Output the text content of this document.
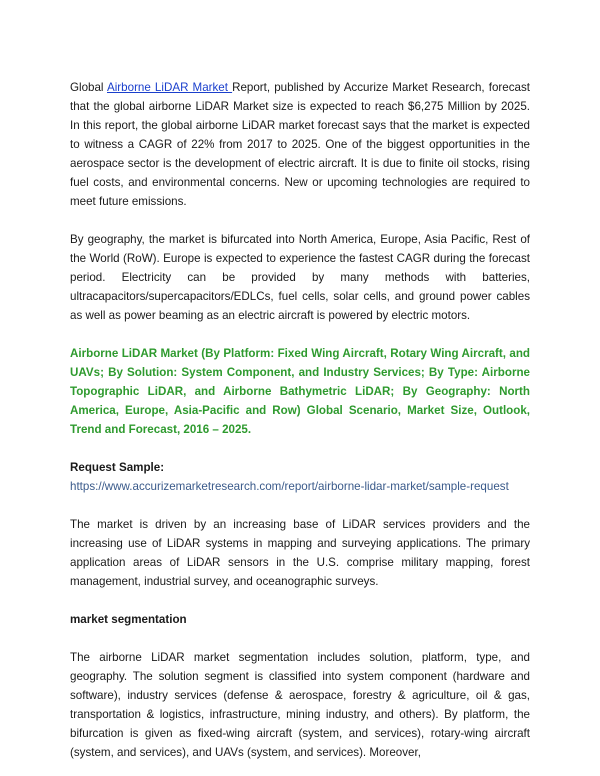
Global Airborne LiDAR Market Report, published by Accurize Market Research, forecast that the global airborne LiDAR Market size is expected to reach $6,275 Million by 2025. In this report, the global airborne LiDAR market forecast says that the market is expected to witness a CAGR of 22% from 2017 to 2025. One of the biggest opportunities in the aerospace sector is the development of electric aircraft. It is due to finite oil stocks, rising fuel costs, and environmental concerns. New or upcoming technologies are required to meet future emissions.

By geography, the market is bifurcated into North America, Europe, Asia Pacific, Rest of the World (RoW). Europe is expected to experience the fastest CAGR during the forecast period. Electricity can be provided by many methods with batteries, ultracapacitors/supercapacitors/EDLCs, fuel cells, solar cells, and ground power cables as well as power beaming as an electric aircraft is powered by electric motors.

Airborne LiDAR Market (By Platform: Fixed Wing Aircraft, Rotary Wing Aircraft, and UAVs; By Solution: System Component, and Industry Services; By Type: Airborne Topographic LiDAR, and Airborne Bathymetric LiDAR; By Geography: North America, Europe, Asia-Pacific and Row) Global Scenario, Market Size, Outlook, Trend and Forecast, 2016 – 2025.

Request Sample:

https://www.accurizemarketresearch.com/report/airborne-lidar-market/sample-request

The market is driven by an increasing base of LiDAR services providers and the increasing use of LiDAR systems in mapping and surveying applications. The primary application areas of LiDAR sensors in the U.S. comprise military mapping, forest management, industrial survey, and oceanographic surveys.

market segmentation

The airborne LiDAR market segmentation includes solution, platform, type, and geography. The solution segment is classified into system component (hardware and software), industry services (defense & aerospace, forestry & agriculture, oil & gas, transportation & logistics, infrastructure, mining industry, and others). By platform, the bifurcation is given as fixed-wing aircraft (system, and services), rotary-wing aircraft (system, and services), and UAVs (system, and services). Moreover,
